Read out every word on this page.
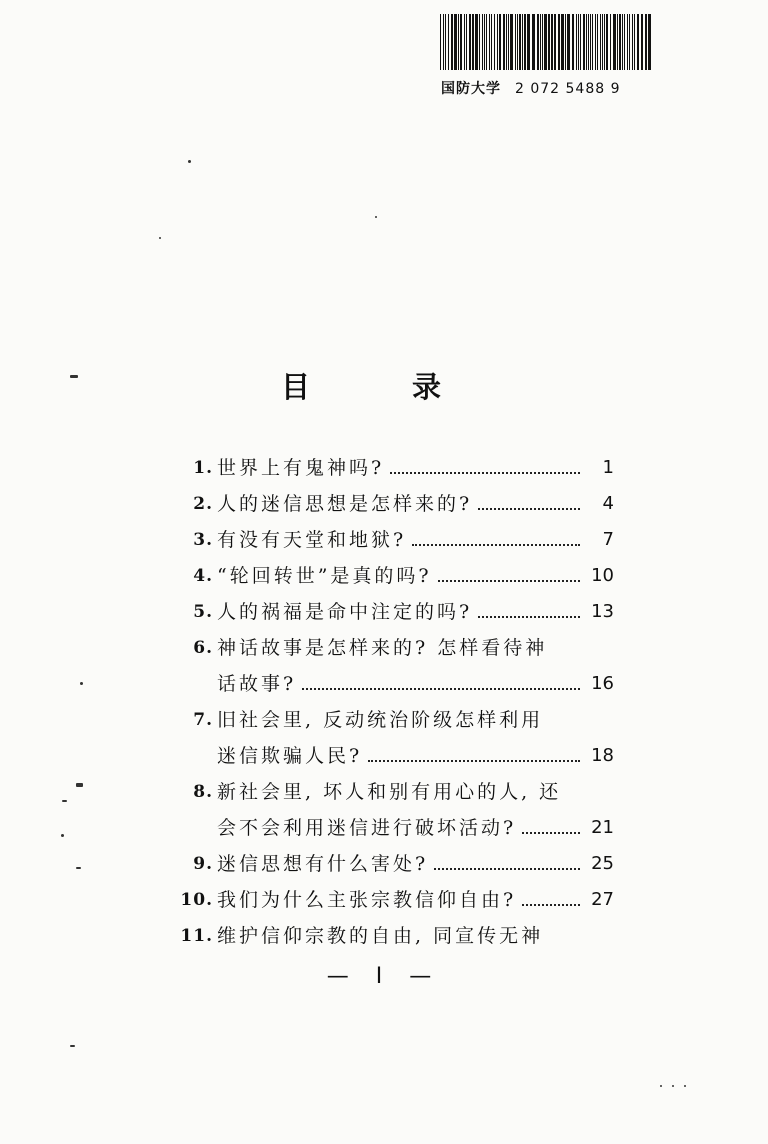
国防大学 2 072 5488 9
目 录
1. 世界上有鬼神吗?	1
2. 人的迷信思想是怎样来的?	4
3. 有没有天堂和地狱?	7
4. “轮回转世”是真的吗?	10
5. 人的祸福是命中注定的吗?	13
6. 神话故事是怎样来的? 怎样看待神
话故事?	16
7. 旧社会里, 反动统治阶级怎样利用
迷信欺骗人民?	18
8. 新社会里, 坏人和别有用心的人, 还
会不会利用迷信进行破坏活动?	21
9. 迷信思想有什么害处?	25
10. 我们为什么主张宗教信仰自由?	27
11. 维护信仰宗教的自由, 同宣传无神
— I —
